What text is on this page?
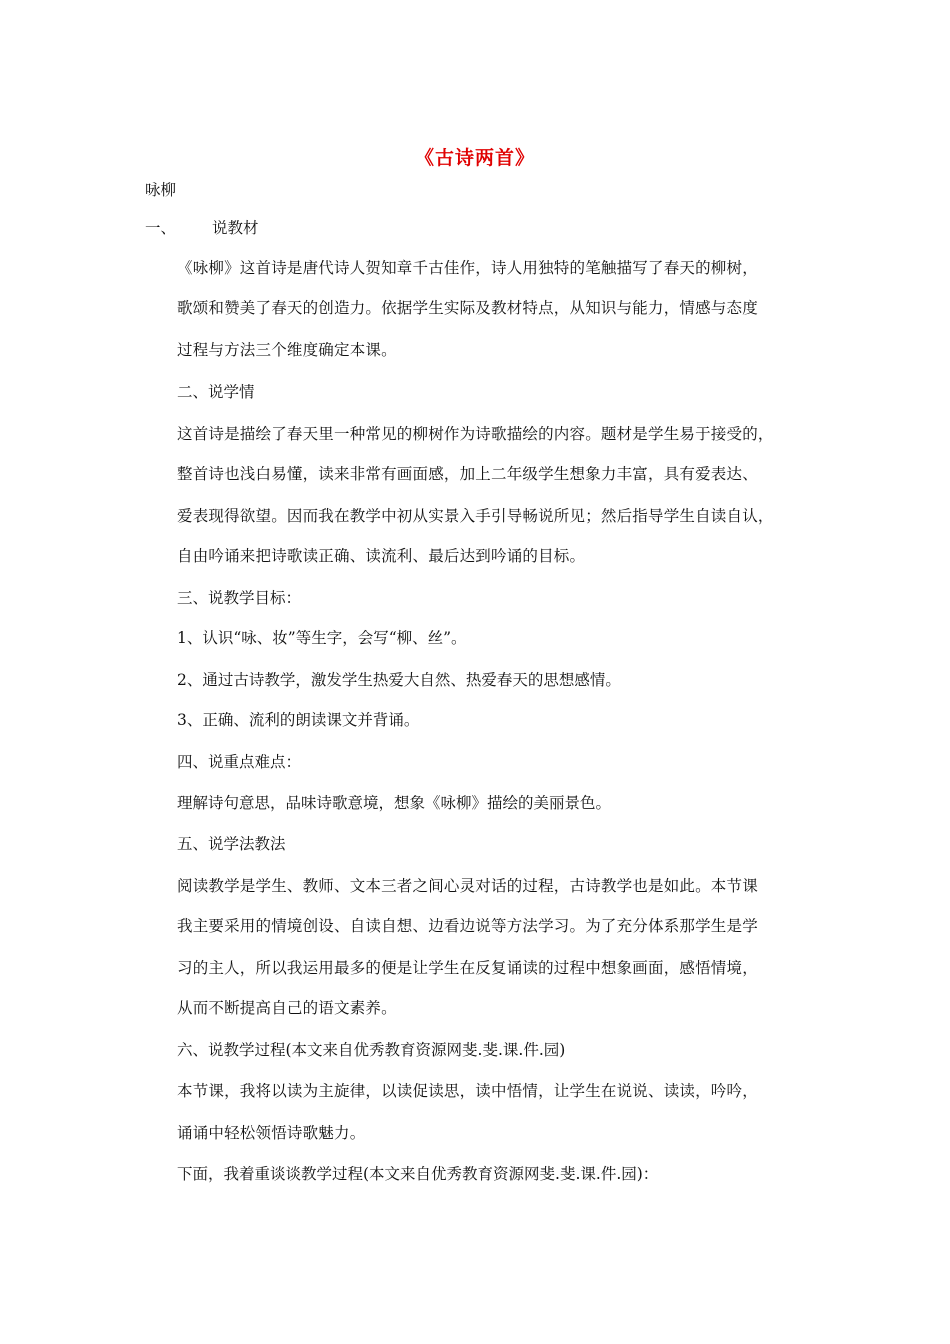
《古诗两首》
咏柳
一、 说教材
《咏柳》这首诗是唐代诗人贺知章千古佳作，诗人用独特的笔触描写了春天的柳树，
歌颂和赞美了春天的创造力。依据学生实际及教材特点，从知识与能力，情感与态度
过程与方法三个维度确定本课。
二、说学情
这首诗是描绘了春天里一种常见的柳树作为诗歌描绘的内容。题材是学生易于接受的，
整首诗也浅白易懂，读来非常有画面感，加上二年级学生想象力丰富，具有爱表达、
爱表现得欲望。因而我在教学中初从实景入手引导畅说所见；然后指导学生自读自认，
自由吟诵来把诗歌读正确、读流利、最后达到吟诵的目标。
三、说教学目标：
1、认识“咏、妆”等生字，会写“柳、丝”。
2、通过古诗教学，激发学生热爱大自然、热爱春天的思想感情。
3、正确、流利的朗读课文并背诵。
四、说重点难点：
理解诗句意思，品味诗歌意境，想象《咏柳》描绘的美丽景色。
五、说学法教法
阅读教学是学生、教师、文本三者之间心灵对话的过程，古诗教学也是如此。本节课
我主要采用的情境创设、自读自想、边看边说等方法学习。为了充分体系那学生是学
习的主人，所以我运用最多的便是让学生在反复诵读的过程中想象画面，感悟情境，
从而不断提高自己的语文素养。
六、说教学过程(本文来自优秀教育资源网斐.斐.课.件.园)
本节课，我将以读为主旋律，以读促读思，读中悟情，让学生在说说、读读，吟吟，
诵诵中轻松领悟诗歌魅力。
下面，我着重谈谈教学过程(本文来自优秀教育资源网斐.斐.课.件.园)：
